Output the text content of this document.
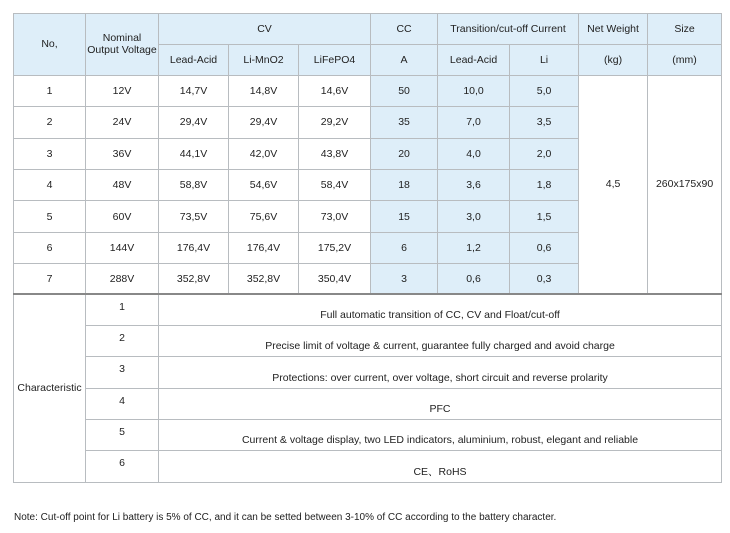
No,	Nominal Output Voltage	CV			CC	Transition/cut-off Current		Net Weight	Size
		Lead-Acid	Li-MnO2	LiFePO4	A	Lead-Acid	Li	(kg)	(mm)
1	12V	14,7V	14,8V	14,6V	50	10,0	5,0	4,5	260x175x90
2	24V	29,4V	29,4V	29,2V	35	7,0	3,5		
3	36V	44,1V	42,0V	43,8V	20	4,0	2,0		
4	48V	58,8V	54,6V	58,4V	18	3,6	1,8		
5	60V	73,5V	75,6V	73,0V	15	3,0	1,5		
6	144V	176,4V	176,4V	175,2V	6	1,2	0,6		
7	288V	352,8V	352,8V	350,4V	3	0,6	0,3		
Characteristic	1	Full automatic transition of CC, CV and Float/cut-off							
	2	Precise limit of voltage & current, guarantee fully charged and avoid charge							
	3	Protections: over current, over voltage, short circuit and reverse prolarity							
	4	PFC							
	5	Current & voltage display, two LED indicators, aluminium, robust, elegant and reliable							
	6	CE、RoHS							
Note: Cut-off point for Li battery is 5% of CC, and it can be setted between 3-10% of CC according to the battery character.
